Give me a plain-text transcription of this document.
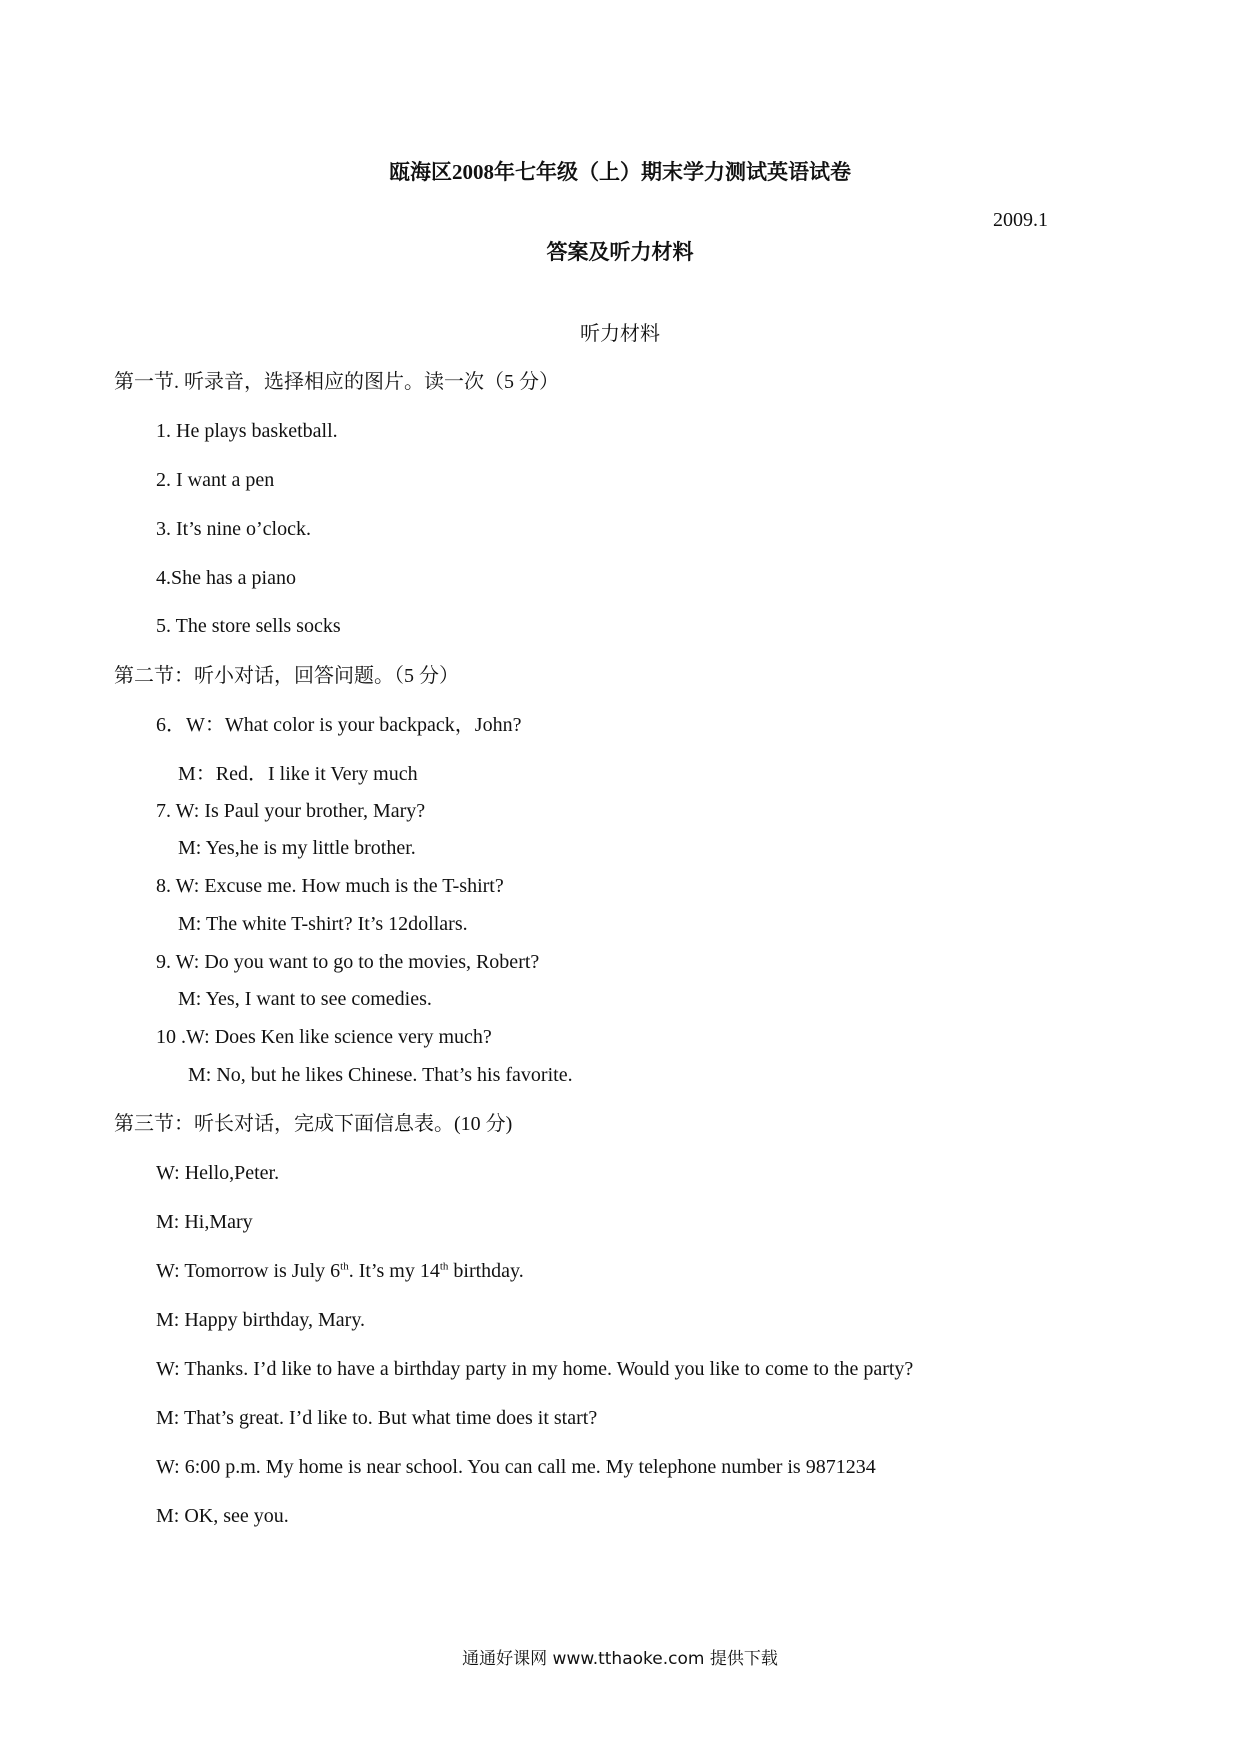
瓯海区2008年七年级（上）期末学力测试英语试卷
2009.1
答案及听力材料
听力材料
第一节. 听录音，选择相应的图片。读一次（5 分）
1. He plays basketball.
2. I want a pen
3. It’s nine o’clock.
4.She has a piano
5. The store sells socks
第二节：听小对话，回答问题。（5 分）
6．W：What color is your backpack，John?
M：Red．I like it Very much
7. W: Is Paul your brother, Mary?
M: Yes,he is my little brother.
8. W: Excuse me. How much is the T-shirt?
M: The white T-shirt? It’s 12dollars.
9. W: Do you want to go to the movies, Robert?
M: Yes, I want to see comedies.
10 .W: Does Ken like science very much?
M: No, but he likes Chinese. That’s his favorite.
第三节：听长对话，完成下面信息表。(10 分)
W: Hello,Peter.
M: Hi,Mary
W: Tomorrow is July 6th. It’s my 14th birthday.
M: Happy birthday, Mary.
W: Thanks. I’d like to have a birthday party in my home. Would you like to come to the party?
M: That’s great. I’d like to. But what time does it start?
W: 6:00 p.m. My home is near school. You can call me. My telephone number is 9871234
M: OK, see you.
通通好课网 www.tthaoke.com 提供下载
